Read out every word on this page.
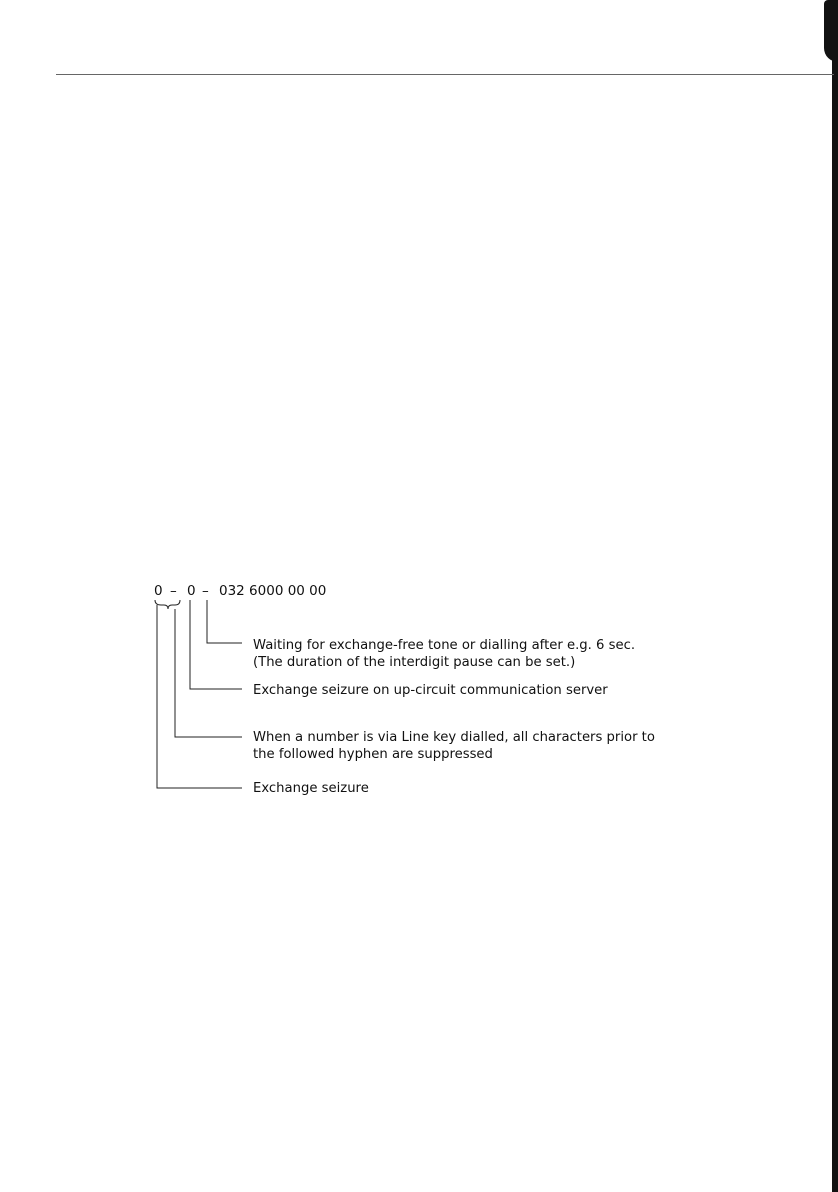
0 – 0 – 032 6000 00 00
Waiting for exchange-free tone or dialling after e.g. 6 sec.
(The duration of the interdigit pause can be set.)
Exchange seizure on up-circuit communication server
When a number is via Line key dialled, all characters prior to
the followed hyphen are suppressed
Exchange seizure
